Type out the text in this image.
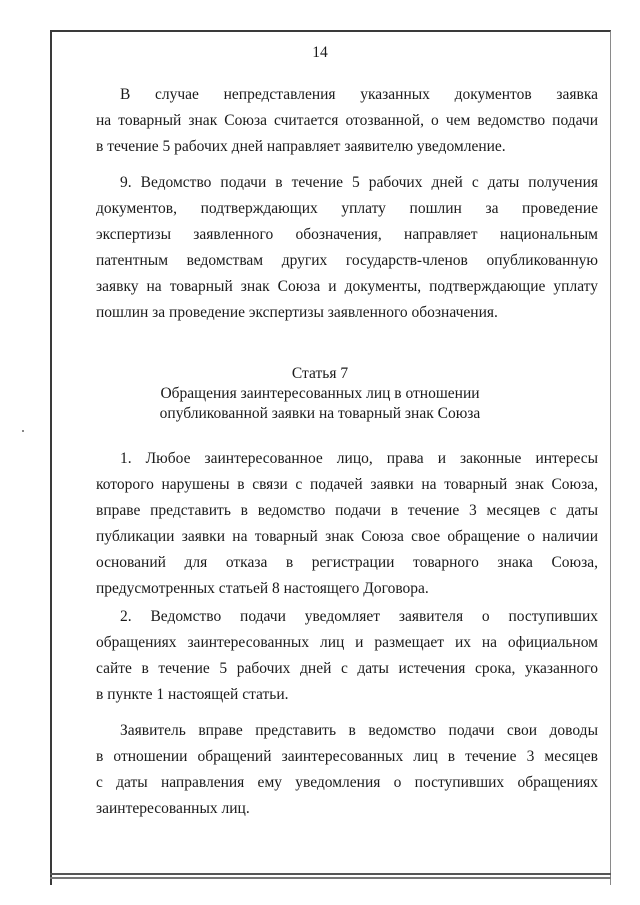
14
В случае непредставления указанных документов заявка
на товарный знак Союза считается отозванной, о чем ведомство подачи
в течение 5 рабочих дней направляет заявителю уведомление.
9. Ведомство подачи в течение 5 рабочих дней с даты получения
документов, подтверждающих уплату пошлин за проведение
экспертизы заявленного обозначения, направляет национальным
патентным ведомствам других государств-членов опубликованную
заявку на товарный знак Союза и документы, подтверждающие уплату
пошлин за проведение экспертизы заявленного обозначения.
Статья 7
Обращения заинтересованных лиц в отношении
опубликованной заявки на товарный знак Союза
1. Любое заинтересованное лицо, права и законные интересы
которого нарушены в связи с подачей заявки на товарный знак Союза,
вправе представить в ведомство подачи в течение 3 месяцев с даты
публикации заявки на товарный знак Союза свое обращение о наличии
оснований для отказа в регистрации товарного знака Союза,
предусмотренных статьей 8 настоящего Договора.
2. Ведомство подачи уведомляет заявителя о поступивших
обращениях заинтересованных лиц и размещает их на официальном
сайте в течение 5 рабочих дней с даты истечения срока, указанного
в пункте 1 настоящей статьи.
Заявитель вправе представить в ведомство подачи свои доводы
в отношении обращений заинтересованных лиц в течение 3 месяцев
с даты направления ему уведомления о поступивших обращениях
заинтересованных лиц.
